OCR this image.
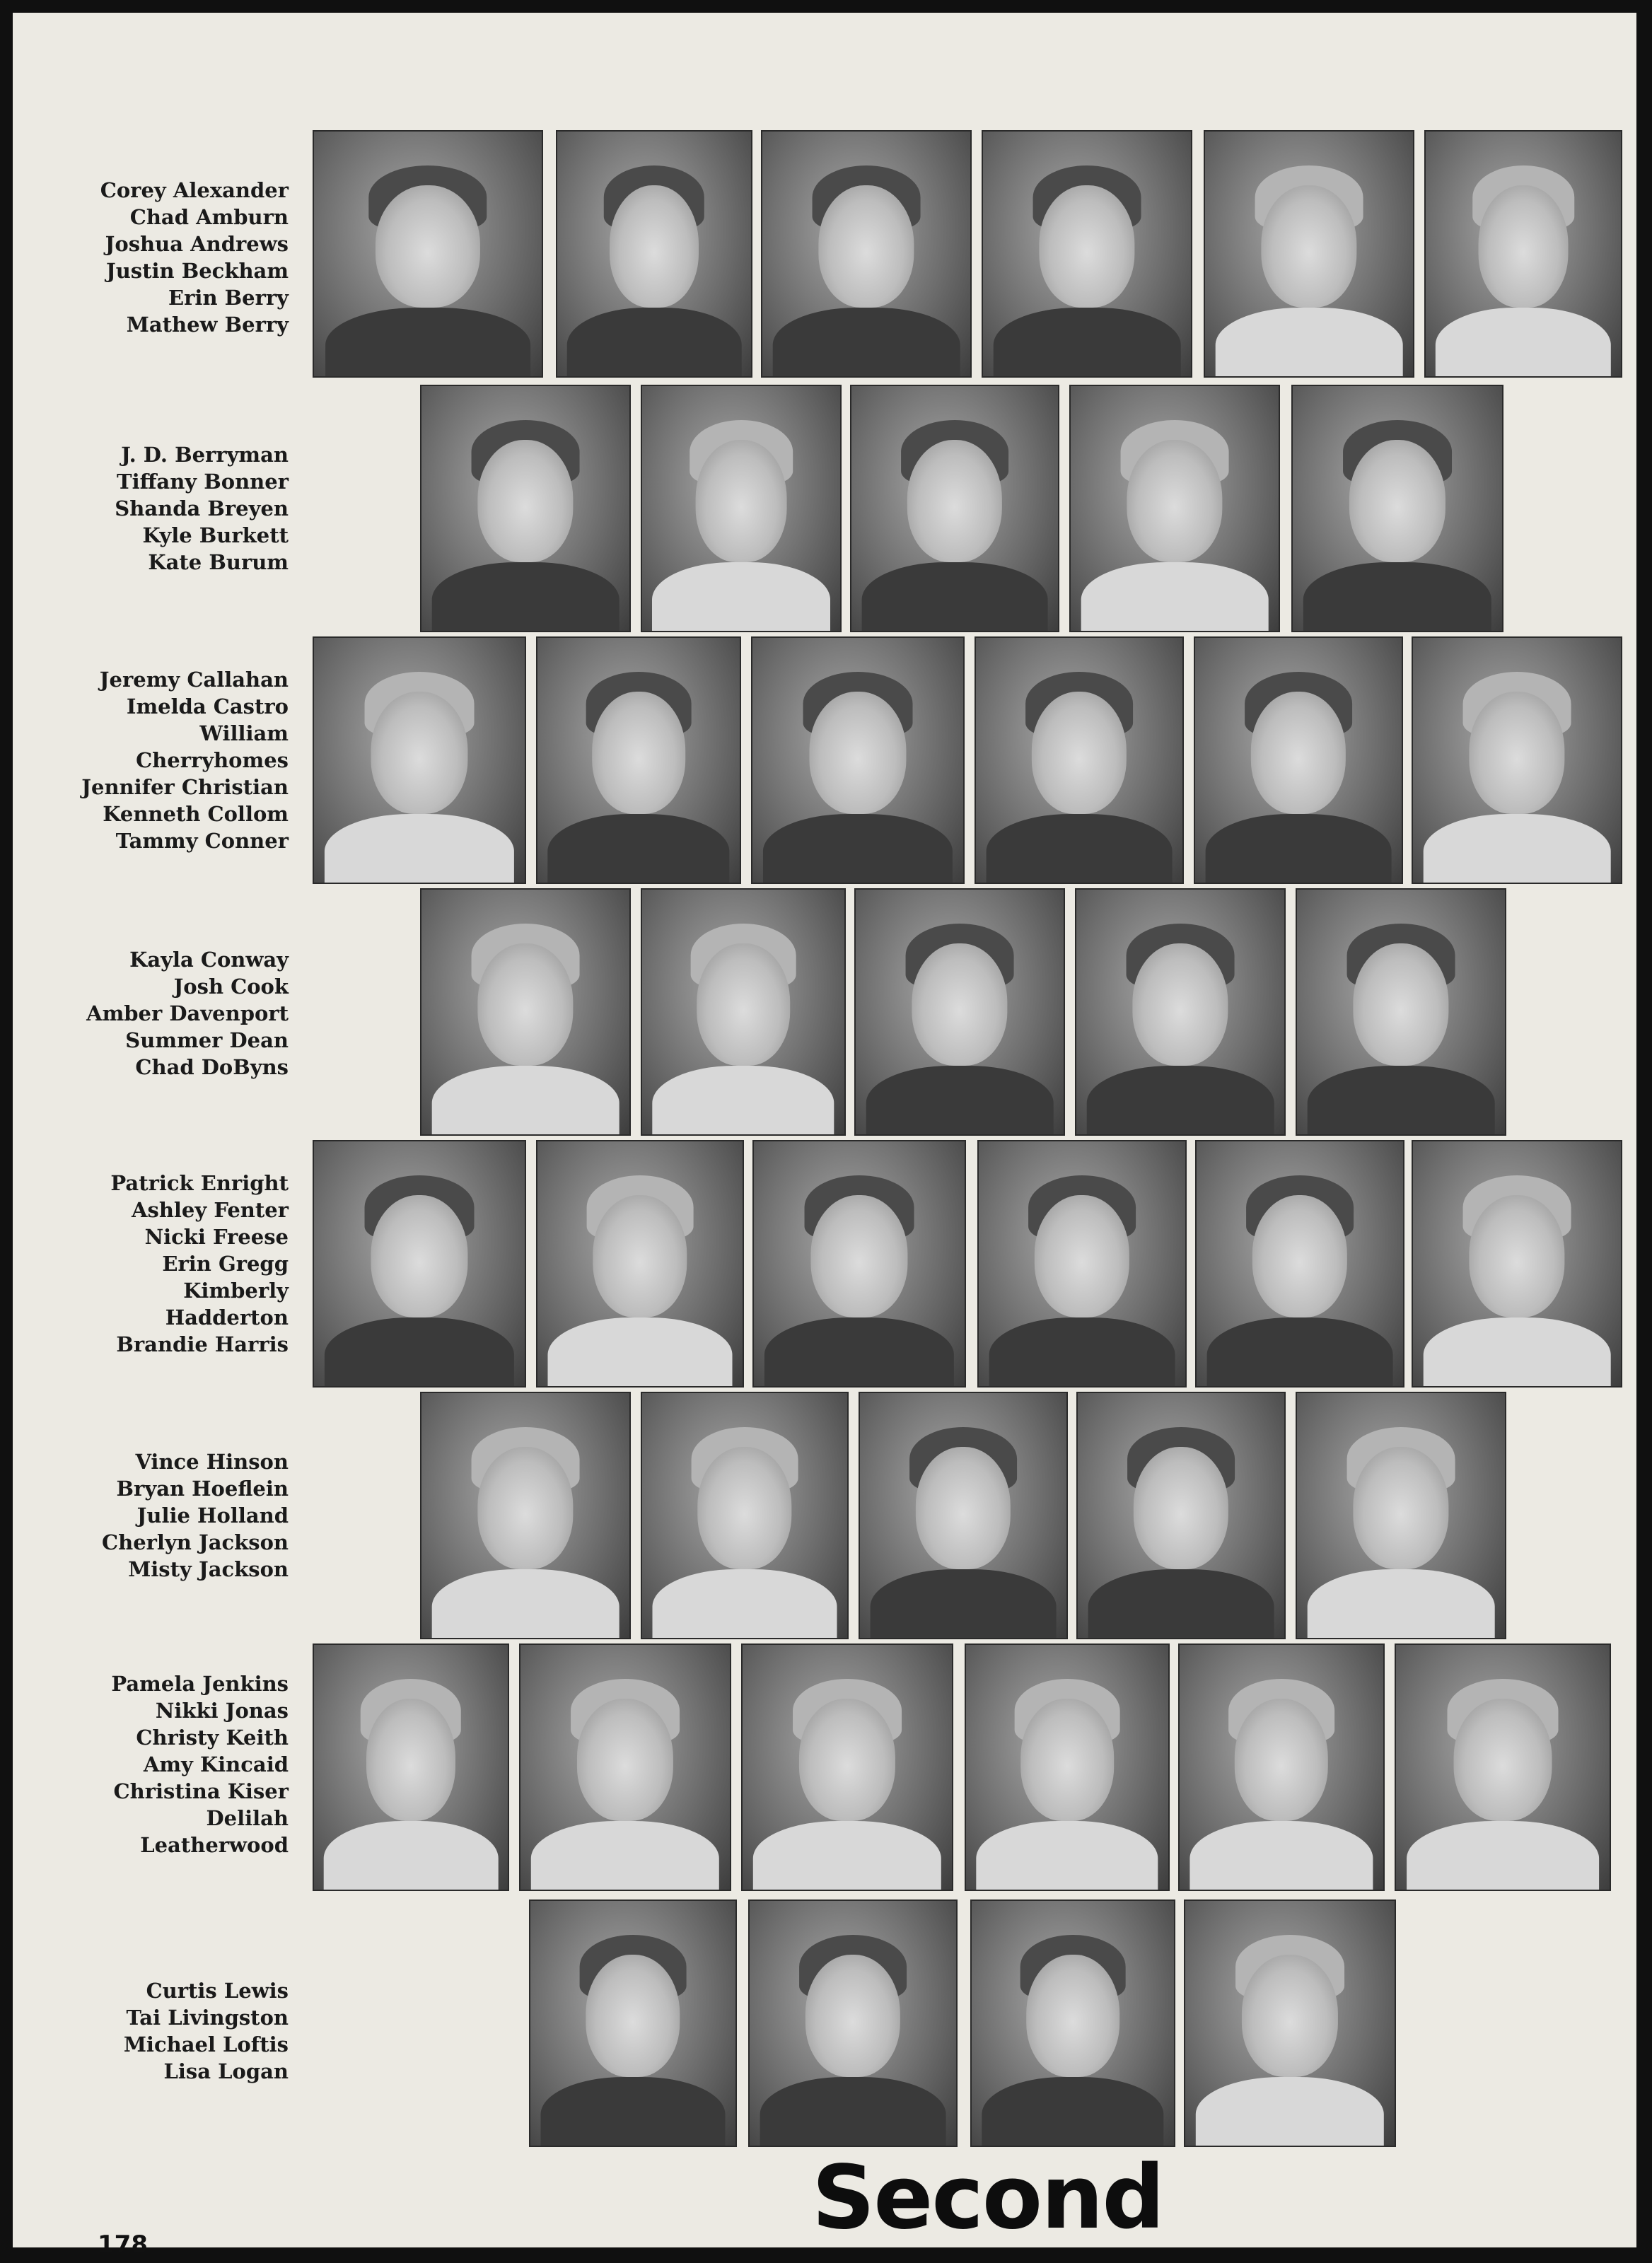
Corey Alexander
Chad Amburn
Joshua Andrews
Justin Beckham
Erin Berry
Mathew Berry
J. D. Berryman
Tiffany Bonner
Shanda Breyen
Kyle Burkett
Kate Burum
Jeremy Callahan
Imelda Castro
William
Cherryhomes
Jennifer Christian
Kenneth Collom
Tammy Conner
Kayla Conway
Josh Cook
Amber Davenport
Summer Dean
Chad DoByns
Patrick Enright
Ashley Fenter
Nicki Freese
Erin Gregg
Kimberly
Hadderton
Brandie Harris
Vince Hinson
Bryan Hoeflein
Julie Holland
Cherlyn Jackson
Misty Jackson
Pamela Jenkins
Nikki Jonas
Christy Keith
Amy Kincaid
Christina Kiser
Delilah
Leatherwood
Curtis Lewis
Tai Livingston
Michael Loftis
Lisa Logan
178	Second
